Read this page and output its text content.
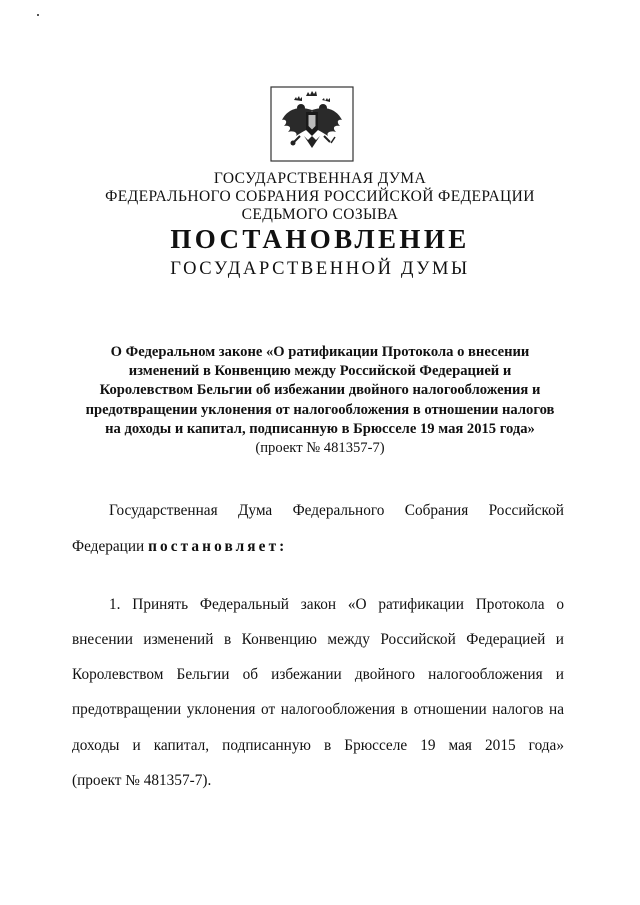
ГОСУДАРСТВЕННАЯ ДУМА
ФЕДЕРАЛЬНОГО СОБРАНИЯ РОССИЙСКОЙ ФЕДЕРАЦИИ
СЕДЬМОГО СОЗЫВА
ПОСТАНОВЛЕНИЕ
ГОСУДАРСТВЕННОЙ ДУМЫ
О Федеральном законе «О ратификации Протокола о внесении
изменений в Конвенцию между Российской Федерацией и
Королевством Бельгии об избежании двойного налогообложения и
предотвращении уклонения от налогообложения в отношении налогов
на доходы и капитал, подписанную в Брюсселе 19 мая 2015 года»
(проект № 481357-7)
Государственная Дума Федерального Собрания Российской
Федерации постановляет:
1. Принять Федеральный закон «О ратификации Протокола о
внесении изменений в Конвенцию между Российской Федерацией и
Королевством Бельгии об избежании двойного налогообложения и
предотвращении уклонения от налогообложения в отношении налогов на
доходы и капитал, подписанную в Брюсселе 19 мая 2015 года»
(проект № 481357-7).
